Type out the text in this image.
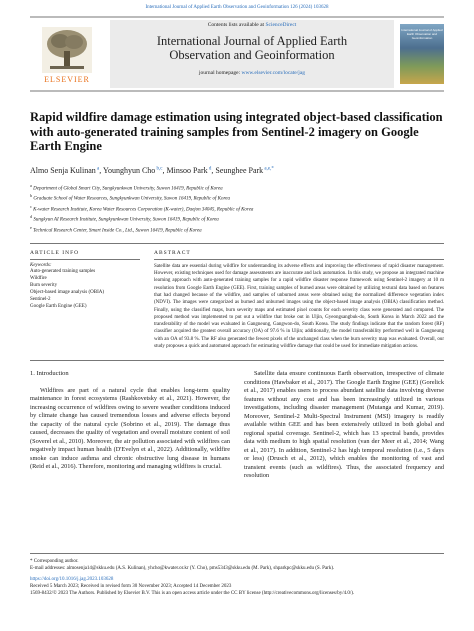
International Journal of Applied Earth Observation and Geoinformation 126 (2024) 103628
ELSEVIER
Contents lists available at ScienceDirect
International Journal of Applied Earth
Observation and Geoinformation
journal homepage: www.elsevier.com/locate/jag
International Journal of Applied Earth Observation and Geoinformation
Rapid wildfire damage estimation using integrated object-based classification with auto-generated training samples from Sentinel-2 imagery on Google Earth Engine
Almo Senja Kulinan $^a$, Younghyun Cho $^{b,c}$, Minsoo Park $^d$, Seunghee Park $^{a,e,*}$
$^a$ Department of Global Smart City, Sungkyunkwan University, Suwon 16419, Republic of Korea
$^b$ Graduate School of Water Resources, Sungkyunkwan University, Suwon 16419, Republic of Korea
$^c$ K-water Research Institute, Korea Water Resources Corporation (K-water), Daejon 34045, Republic of Korea
$^d$ Sungkyun AI Research Institute, Sungkyunkwan University, Suwon 16419, Republic of Korea
$^e$ Technical Research Center, Smart Inside Co., Ltd., Suwon 16419, Republic of Korea
ARTICLE INFO
Keywords:
Auto-generated training samples
Wildfire
Burn severity
Object-based image analysis (OBIA)
Sentinel-2
Google Earth Engine (GEE)
ABSTRACT

Satellite data are essential during wildfire for understanding its adverse effects and improving the effectiveness of rapid disaster management. However, existing techniques used for damage assessments are inaccurate and lack automation. In this study, we propose an integrated machine learning approach with auto-generated training samples for a rapid wildfire disaster response framework using Sentinel-2 imagery at 10 m resolution from Google Earth Engine (GEE). First, training samples of burned areas were obtained by utilizing textural data based on features that had changed because of the wildfire, and samples of unburned areas were obtained using the normalized difference vegetation index (NDVI). The images were categorized as burned and unburned images using the object-based image analysis (OBIA) classification method. Finally, using the classified maps, burn severity maps and estimated pixel counts for each severity class were generated and compared. The proposed method was implemented to put out a wildfire that broke out in Uljin, Gyeongsangbuk-do, South Korea in March 2022 and the transferability of the model was evaluated in Gangneung, Gangwon-do, South Korea. The study findings indicate that the random forest (RF) classifier acquired the greatest overall accuracy (OA) of 97.6 % in Uljin; additionally, the model transferability performed well in Gangneung with an OA of 93.8 %. The RF also generated the fewest pixels of the unchanged class when the burn severity map was evaluated. Overall, our study proposes a quick and automated approach for estimating wildfire damage that could be used for immediate mitigation actions.

1. Introduction

Wildfires are part of a natural cycle that enables long-term quality maintenance in forest ecosystems (Rashkovetsky et al., 2021). However, the increasing occurrence of wildfires owing to severe weather conditions induced by climate change has caused tremendous losses and adverse effects beyond the capacity of the natural cycle (Sobrino et al., 2019). The damage thus caused, decreases the quality of vegetation and overall moisture content of soil (Soverel et al., 2010). Moreover, the air pollution associated with wildfires can negatively impact human health (D'Evelyn et al., 2022). Additionally, wildfire smoke can induce asthma and chronic obstructive lung disease in humans (Reid et al., 2016). Therefore, monitoring and managing wildfires is crucial.

Satellite data ensure continuous Earth observation, irrespective of climate conditions (Hawbaker et al., 2017). The Google Earth Engine (GEE) (Gorelick et al., 2017) enables users to process abundant satellite data involving diverse features without any cost and has been increasingly utilized in various investigations, including disaster management (Mutanga and Kumar, 2019). Moreover, Sentinel-2 Multi-Spectral Instrument (MSI) imagery is readily available within GEE and has been extensively utilized in both global and regional spatial coverage. Sentinel-2, which has 13 spectral bands, provides data with medium to high spatial resolution (van der Meer et al., 2014; Wang et al., 2017). In addition, Sentinel-2 has high temporal resolution (i.e., 5 days or less) (Drusch et al., 2012), which enables the monitoring of vast and transient events (such as wildfires). Thus, the associated frequency and resolution

* Corresponding author.
E-mail addresses: almosenja14@skku.edu (A.S. Kulinan), yhcho@kwater.or.kr (Y. Cho), pms5343@skku.edu (M. Park), shparkpc@skku.edu (S. Park).
https://doi.org/10.1016/j.jag.2023.103628
Received 5 March 2023; Received in revised form 30 November 2023; Accepted 14 December 2023
1569-8432/© 2023 The Authors. Published by Elsevier B.V. This is an open access article under the CC BY license (http://creativecommons.org/licenses/by/4.0/).
